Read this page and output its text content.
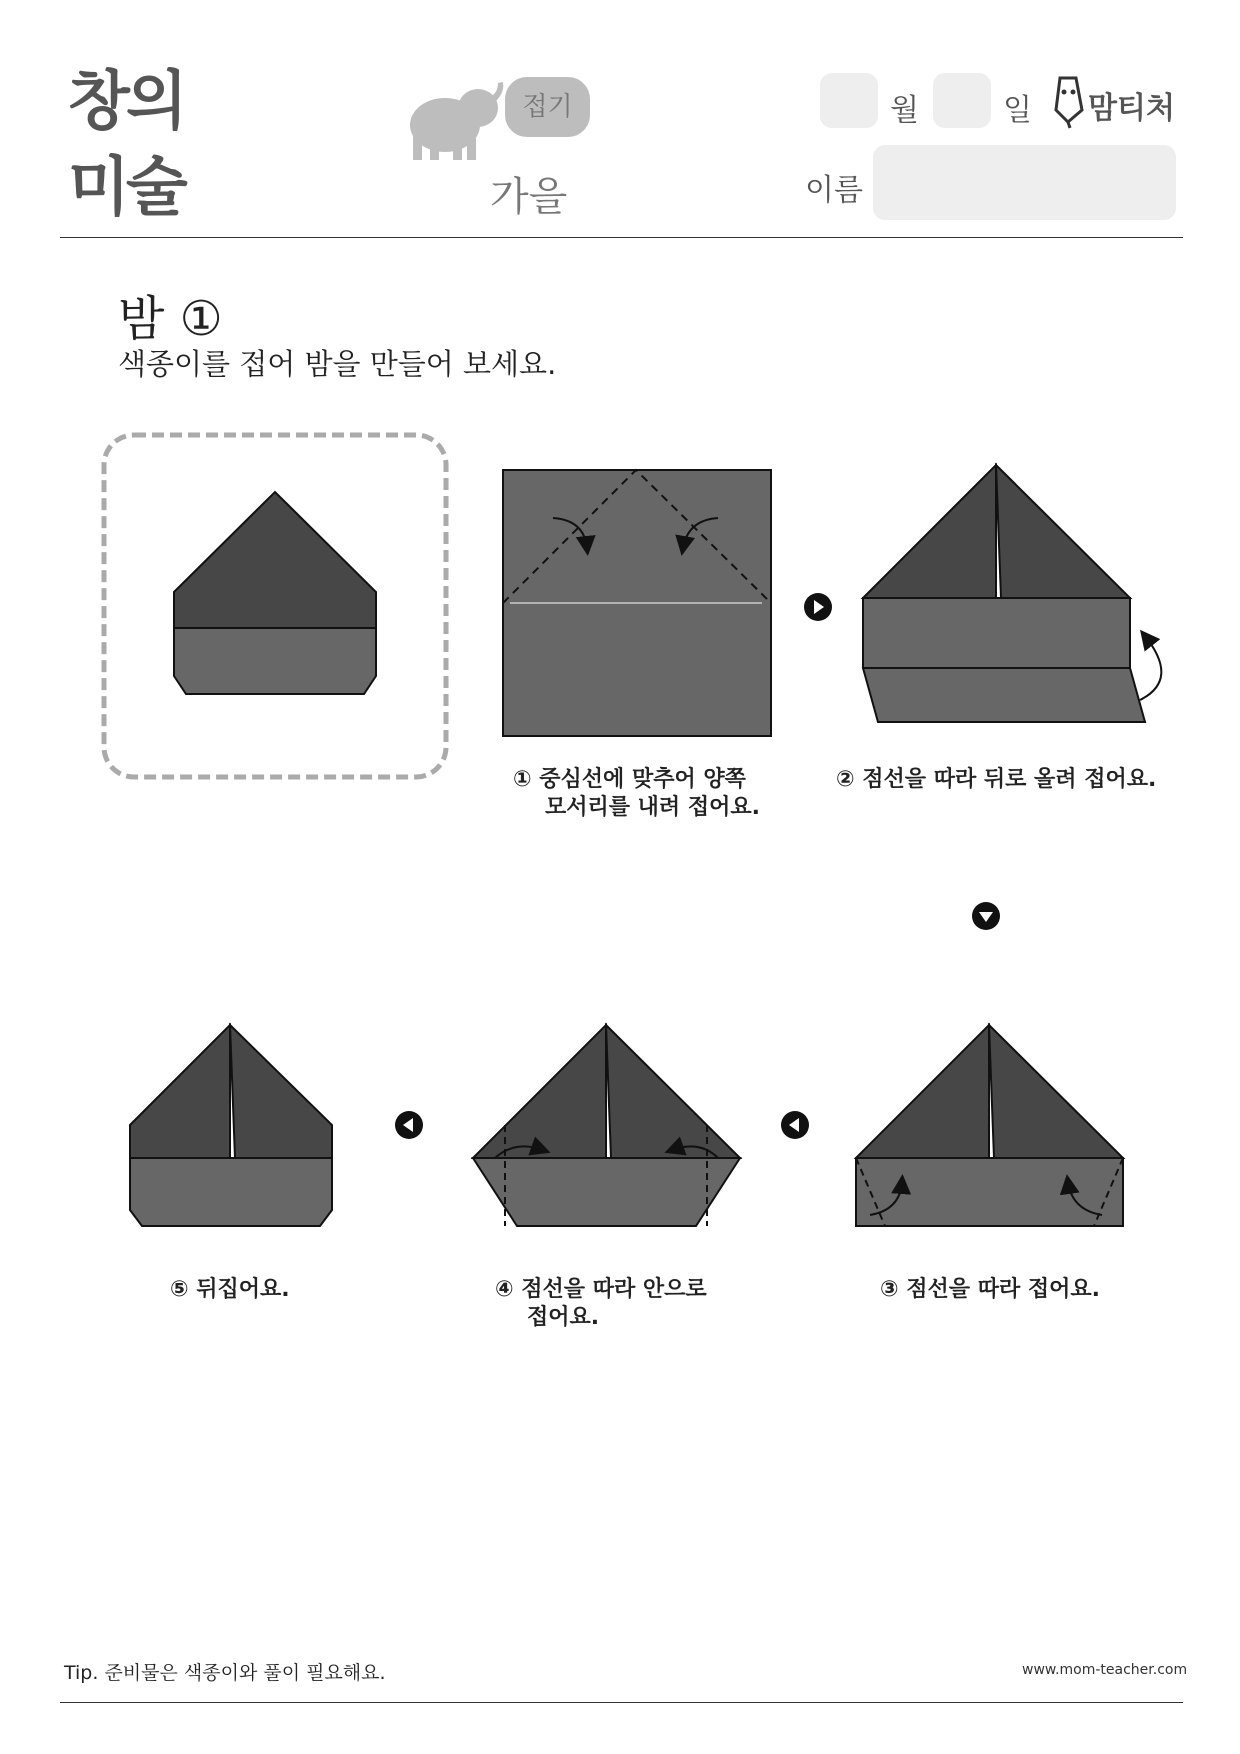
창의
미술
접기
가을
월	일 맘티처
이름
밤 ①
색종이를 접어 밤을 만들어 보세요.
① 중심선에 맞추어 양쪽
모서리를 내려 접어요.
② 점선을 따라 뒤로 올려 접어요.
③ 점선을 따라 접어요.
④ 점선을 따라 안으로
접어요.
⑤ 뒤집어요.
Tip. 준비물은 색종이와 풀이 필요해요.	www.mom-teacher.com
